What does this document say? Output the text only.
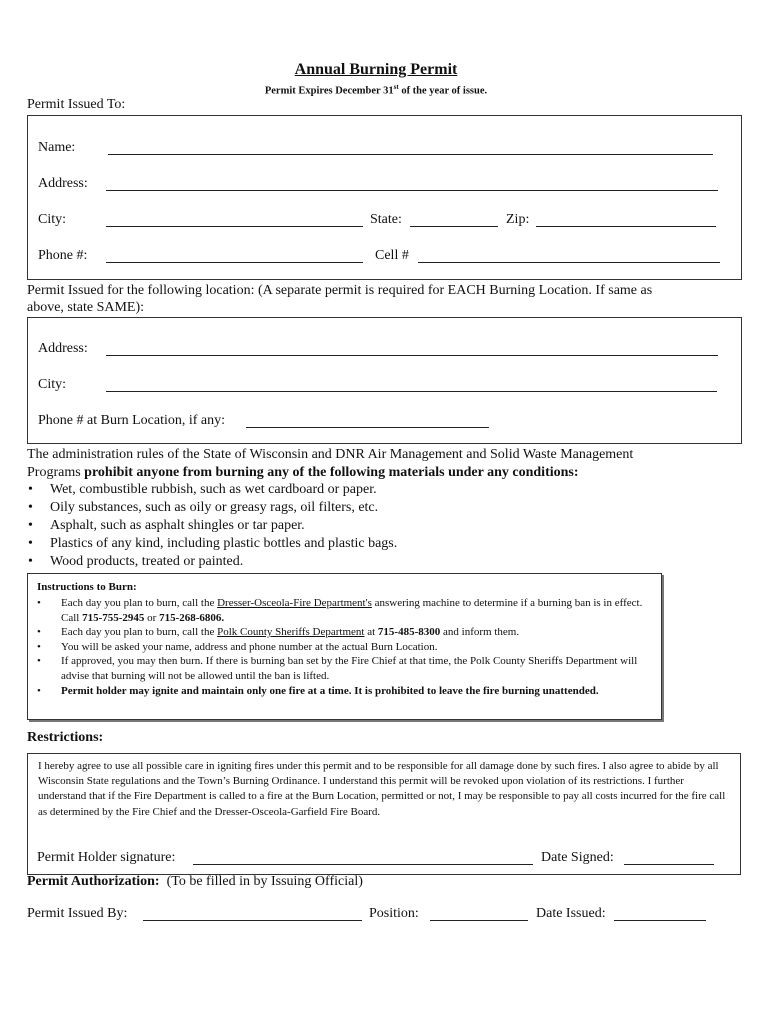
Annual Burning Permit
Permit Expires December 31st of the year of issue.
Permit Issued To:
Name:
Address:
City:	State:	Zip:
Phone #:	Cell #
Permit Issued for the following location: (A separate permit is required for EACH Burning Location. If same as
above, state SAME):
Address:
City:
Phone # at Burn Location, if any:
The administration rules of the State of Wisconsin and DNR Air Management and Solid Waste Management
Programs prohibit anyone from burning any of the following materials under any conditions:
• Wet, combustible rubbish, such as wet cardboard or paper.
• Oily substances, such as oily or greasy rags, oil filters, etc.
• Asphalt, such as asphalt shingles or tar paper.
• Plastics of any kind, including plastic bottles and plastic bags.
• Wood products, treated or painted.
Instructions to Burn:
• Each day you plan to burn, call the Dresser-Osceola-Fire Department's answering machine to determine if a burning ban is in effect. Call 715-755-2945 or 715-268-6806.
• Each day you plan to burn, call the Polk County Sheriffs Department at 715-485-8300 and inform them.
• You will be asked your name, address and phone number at the actual Burn Location.
• If approved, you may then burn. If there is burning ban set by the Fire Chief at that time, the Polk County Sheriffs Department will advise that burning will not be allowed until the ban is lifted.
• Permit holder may ignite and maintain only one fire at a time. It is prohibited to leave the fire burning unattended.
Restrictions:
I hereby agree to use all possible care in igniting fires under this permit and to be responsible for all damage done by such fires. I also agree to abide by all Wisconsin State regulations and the Town’s Burning Ordinance. I understand this permit will be revoked upon violation of its restrictions. I further understand that if the Fire Department is called to a fire at the Burn Location, permitted or not, I may be responsible to pay all costs incurred for the fire call as determined by the Fire Chief and the Dresser-Osceola-Garfield Fire Board.
Permit Holder signature:	Date Signed:
Permit Authorization:  (To be filled in by Issuing Official)
Permit Issued By:	Position:	Date Issued:
